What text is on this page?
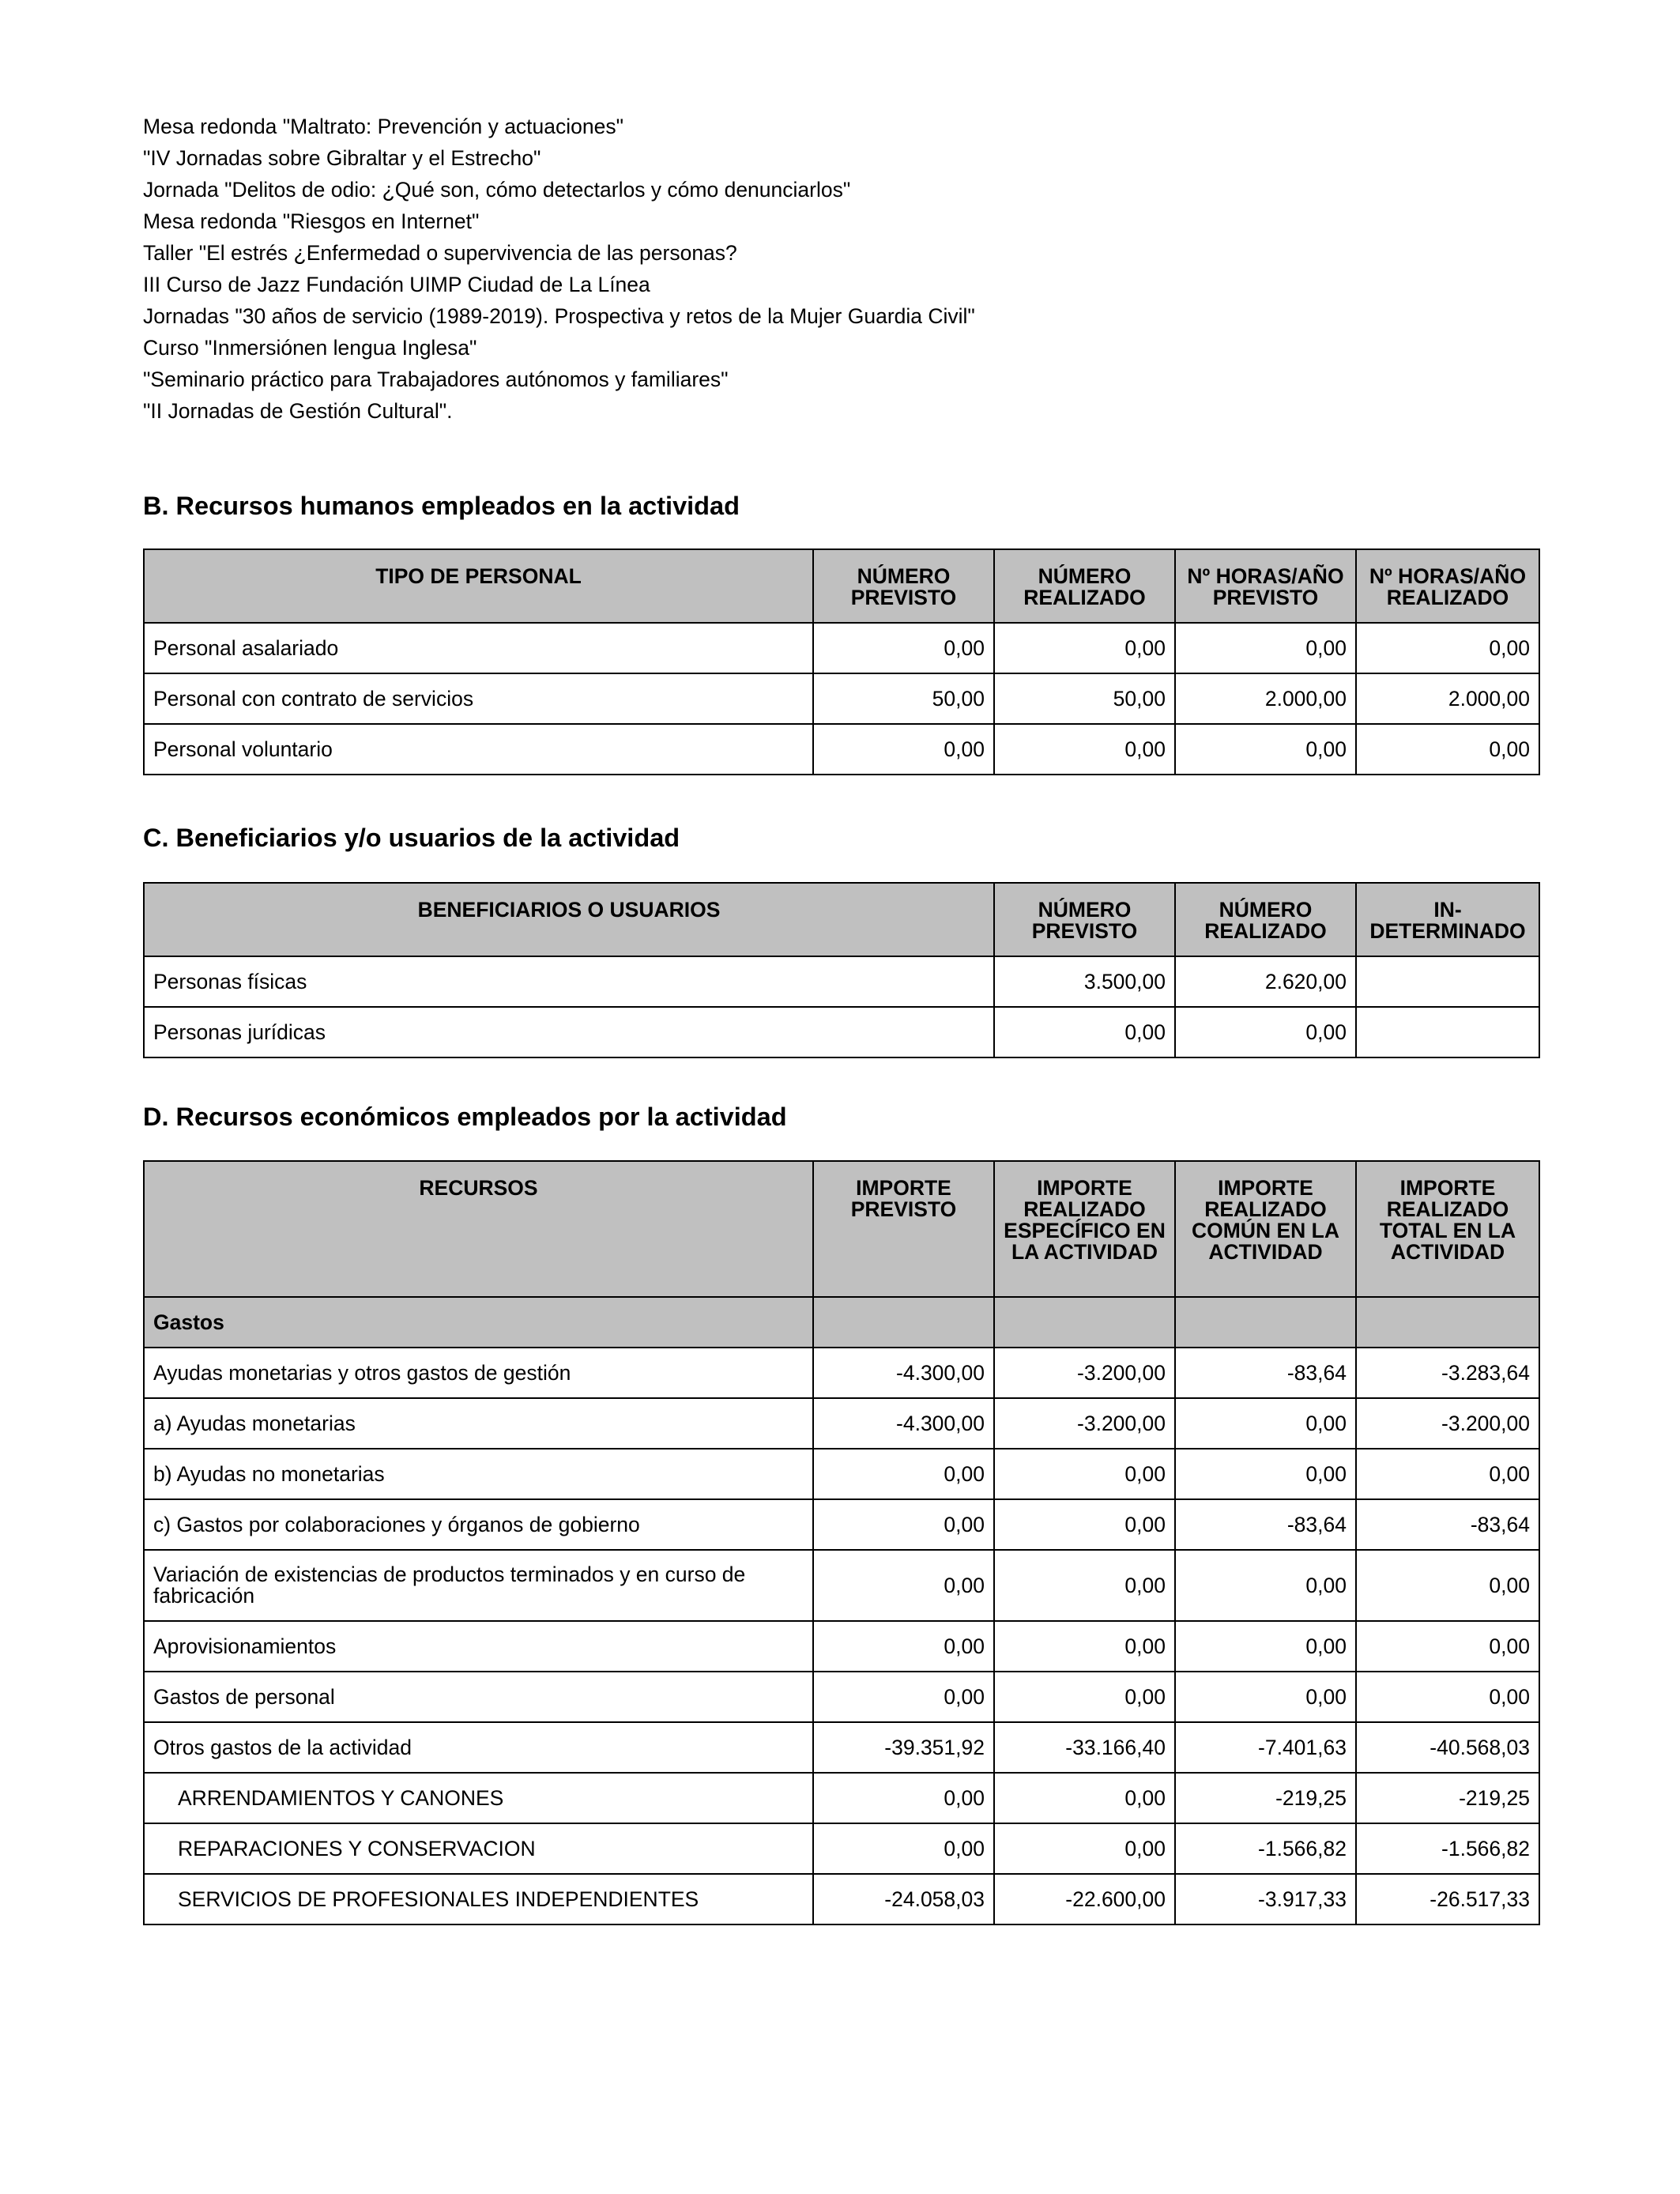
Mesa redonda "Maltrato: Prevención y actuaciones"
"IV Jornadas sobre Gibraltar y el Estrecho"
Jornada "Delitos de odio: ¿Qué son, cómo detectarlos y cómo denunciarlos"
Mesa redonda "Riesgos en Internet"
Taller "El estrés ¿Enfermedad o supervivencia de las personas?
III Curso de Jazz Fundación UIMP Ciudad de La Línea
Jornadas "30 años de servicio (1989-2019). Prospectiva y retos de la Mujer Guardia Civil"
Curso "Inmersiónen lengua Inglesa"
"Seminario práctico para Trabajadores autónomos y familiares"
"II Jornadas de Gestión Cultural".
B. Recursos humanos empleados en la actividad
TIPO DE PERSONAL	NÚMERO PREVISTO	NÚMERO REALIZADO	Nº HORAS/AÑO PREVISTO	Nº HORAS/AÑO REALIZADO
Personal asalariado	0,00	0,00	0,00	0,00
Personal con contrato de servicios	50,00	50,00	2.000,00	2.000,00
Personal voluntario	0,00	0,00	0,00	0,00
C. Beneficiarios y/o usuarios de la actividad
BENEFICIARIOS O USUARIOS	NÚMERO PREVISTO	NÚMERO REALIZADO	IN-DETERMINADO
Personas físicas	3.500,00	2.620,00	
Personas jurídicas	0,00	0,00	
D. Recursos económicos empleados por la actividad
RECURSOS	IMPORTE PREVISTO	IMPORTE REALIZADO ESPECÍFICO EN LA ACTIVIDAD	IMPORTE REALIZADO COMÚN EN LA ACTIVIDAD	IMPORTE REALIZADO TOTAL EN LA ACTIVIDAD
Gastos				
Ayudas monetarias y otros gastos de gestión	-4.300,00	-3.200,00	-83,64	-3.283,64
a) Ayudas monetarias	-4.300,00	-3.200,00	0,00	-3.200,00
b) Ayudas no monetarias	0,00	0,00	0,00	0,00
c) Gastos por colaboraciones y órganos de gobierno	0,00	0,00	-83,64	-83,64
Variación de existencias de productos terminados y en curso de fabricación	0,00	0,00	0,00	0,00
Aprovisionamientos	0,00	0,00	0,00	0,00
Gastos de personal	0,00	0,00	0,00	0,00
Otros gastos de la actividad	-39.351,92	-33.166,40	-7.401,63	-40.568,03
ARRENDAMIENTOS Y CANONES	0,00	0,00	-219,25	-219,25
REPARACIONES Y CONSERVACION	0,00	0,00	-1.566,82	-1.566,82
SERVICIOS DE PROFESIONALES INDEPENDIENTES	-24.058,03	-22.600,00	-3.917,33	-26.517,33
